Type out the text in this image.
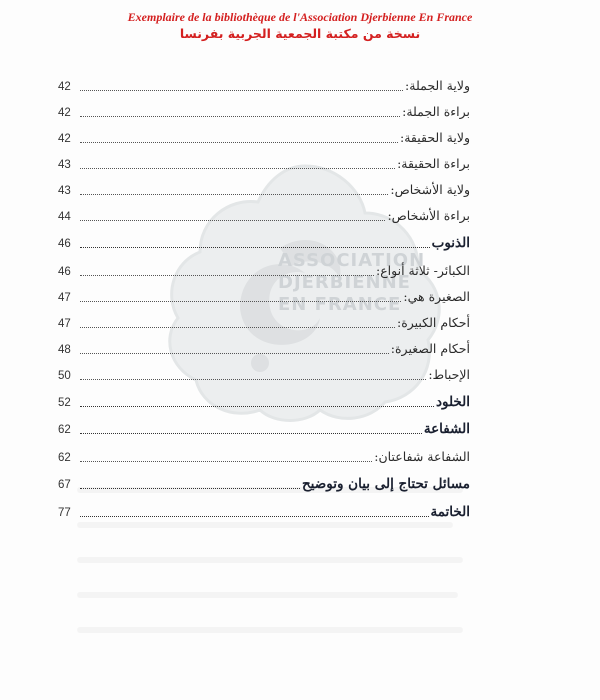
Exemplaire de la bibliothèque de l'Association Djerbienne En France
نسخة من مكتبة الجمعية الجربية بفرنسا
ASSOCIATION
DJERBIENNE
EN FRANCE
42	ولاية الجملة:
42	براءة الجملة:
42	ولاية الحقيقة:
43	براءة الحقيقة:
43	ولاية الأشخاص:
44	براءة الأشخاص:
46	الذنوب
46	الكبائر- ثلاثة أنواع:
47	الصغيرة هي:
47	أحكام الكبيرة:
48	أحكام الصغيرة:
50	الإحباط:
52	الخلود
62	الشفاعة
62	الشفاعة شفاعتان:
67	مسائل تحتاج إلى بيان وتوضيح
77	الخاتمة
